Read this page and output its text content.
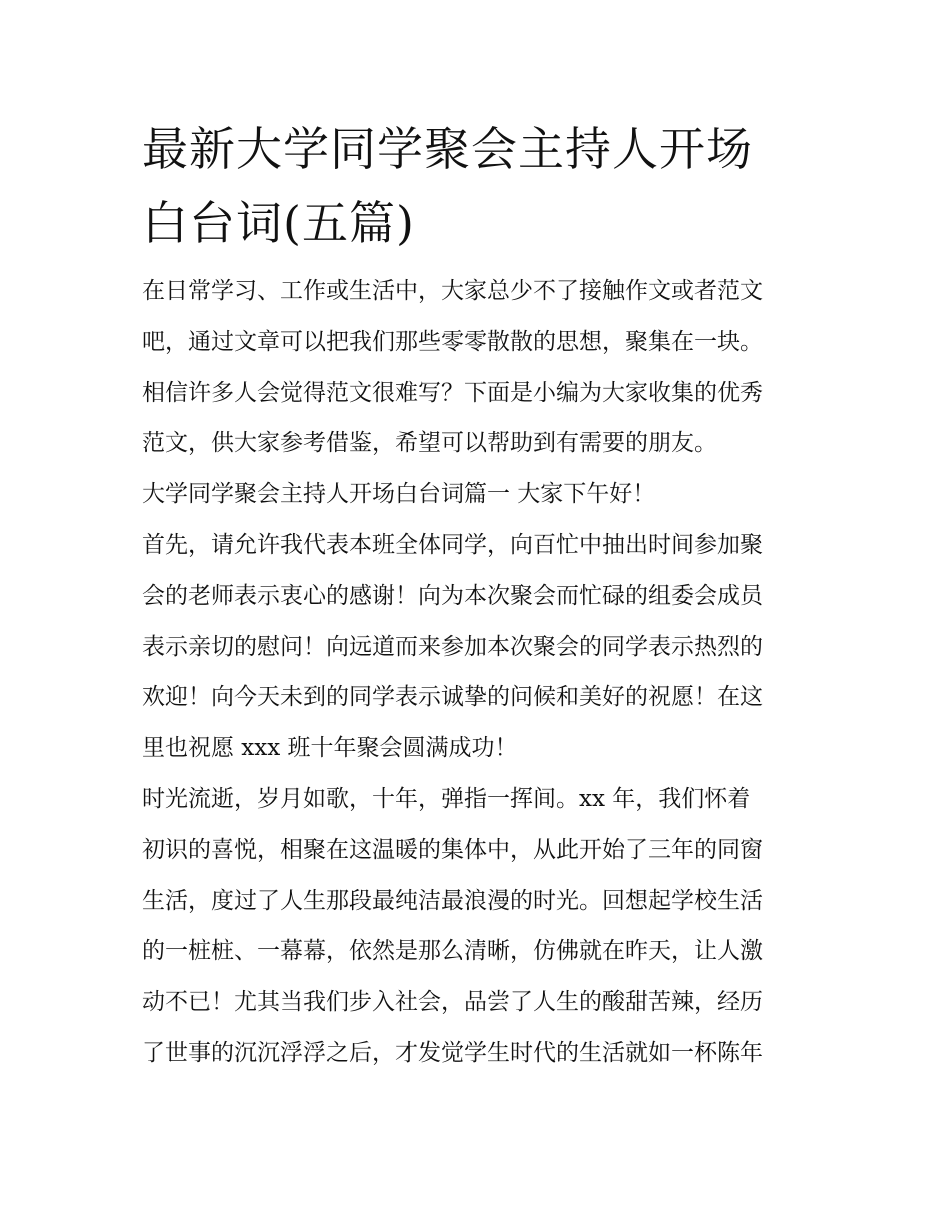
最新大学同学聚会主持人开场
白台词(五篇)

在日常学习、工作或生活中，大家总少不了接触作文或者范文
吧，通过文章可以把我们那些零零散散的思想，聚集在一块。
相信许多人会觉得范文很难写？下面是小编为大家收集的优秀
范文，供大家参考借鉴，希望可以帮助到有需要的朋友。

大学同学聚会主持人开场白台词篇一 大家下午好！

首先，请允许我代表本班全体同学，向百忙中抽出时间参加聚
会的老师表示衷心的感谢！向为本次聚会而忙碌的组委会成员
表示亲切的慰问！向远道而来参加本次聚会的同学表示热烈的
欢迎！向今天未到的同学表示诚挚的问候和美好的祝愿！在这
里也祝愿 xxx 班十年聚会圆满成功！

时光流逝，岁月如歌，十年，弹指一挥间。xx 年，我们怀着
初识的喜悦，相聚在这温暖的集体中，从此开始了三年的同窗
生活，度过了人生那段最纯洁最浪漫的时光。回想起学校生活
的一桩桩、一幕幕，依然是那么清晰，仿佛就在昨天，让人激
动不已！尤其当我们步入社会，品尝了人生的酸甜苦辣，经历
了世事的沉沉浮浮之后，才发觉学生时代的生活就如一杯陈年
